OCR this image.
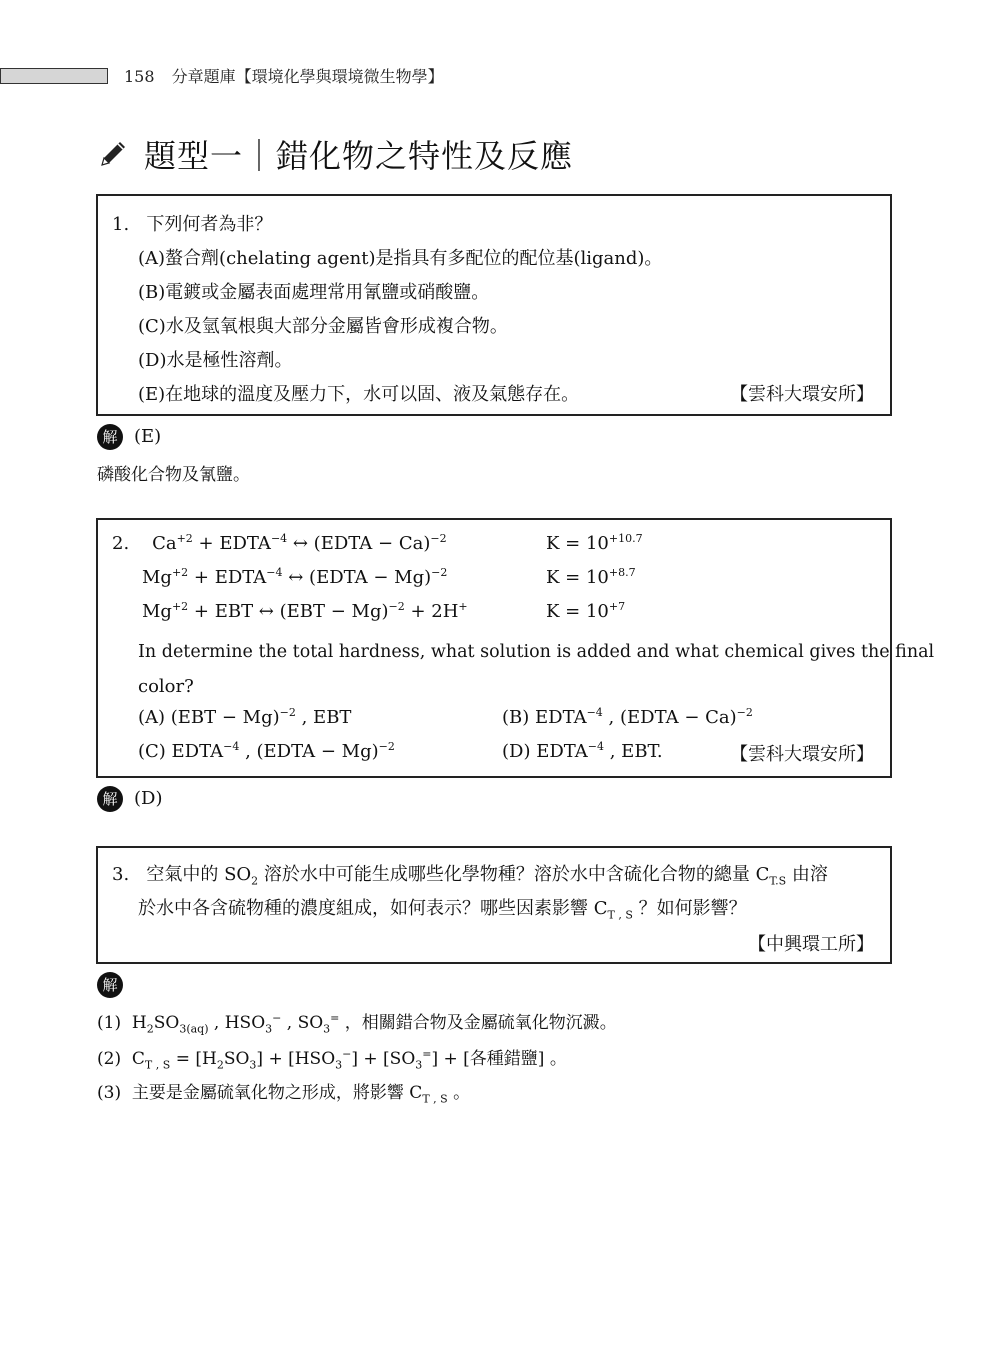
158 分章題庫【環境化學與環境微生物學】
題型一｜錯化物之特性及反應
1. 下列何者為非？
(A)螯合劑(chelating agent)是指具有多配位的配位基(ligand)。
(B)電鍍或金屬表面處理常用氰鹽或硝酸鹽。
(C)水及氫氧根與大部分金屬皆會形成複合物。
(D)水是極性溶劑。
(E)在地球的溫度及壓力下，水可以固、液及氣態存在。	【雲科大環安所】
解 (E)
磷酸化合物及氰鹽。
2. $Ca^{+2}$ + $EDTA^{-4}$ ↔ (EDTA − Ca)$^{-2}$	$K = 10^{+10.7}$
$Mg^{+2}$ + $EDTA^{-4}$ ↔ (EDTA − Mg)$^{-2}$	$K = 10^{+8.7}$
$Mg^{+2}$ + EBT ↔ (EBT − Mg)$^{-2}$ + 2H+	$K = 10^{+7}$
In determine the total hardness, what solution is added and what chemical gives the final
color?
(A) (EBT − Mg)$^{-2}$ , EBT	(B) $EDTA^{-4}$ , (EDTA − Ca)$^{-2}$
(C) $EDTA^{-4}$ , (EDTA − Mg)$^{-2}$	(D) $EDTA^{-4}$ , EBT.	【雲科大環安所】
解 (D)
3. 空氣中的 $SO_2$ 溶於水中可能生成哪些化學物種？溶於水中含硫化合物的總量 $C_{T.S}$ 由溶
於水中各含硫物種的濃度組成，如何表示？哪些因素影響 $C_{T , S}$ ？如何影響？
【中興環工所】
解
(1) $H_2SO_{3(aq)}$ , $HSO_3^-$ , $SO_3^=$ ，相關錯合物及金屬硫氧化物沉澱。
(2) $C_{T , S} = [H_2SO_3] + [HSO_3^-] + [SO_3^=]$ + [各種錯鹽] 。
(3) 主要是金屬硫氧化物之形成，將影響 $C_{T , S}$ 。
